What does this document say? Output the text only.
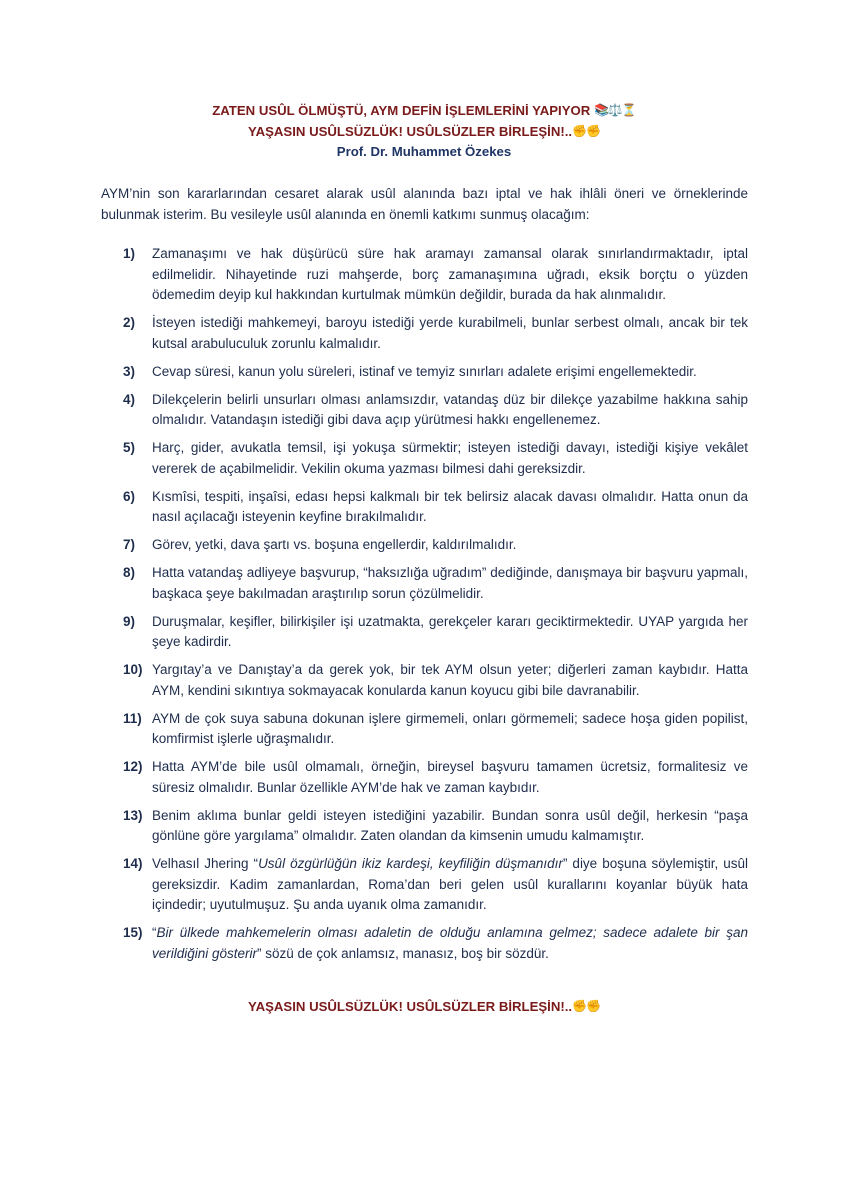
ZATEN USÛL ÖLMÜŞTÜ, AYM DEFİN İŞLEMLERİNİ YAPIYOR 📚⚖️⏳
YAŞASIN USÛLSÜZLÜK! USÛLSÜZLER BİRLEŞİN!..✊✊
Prof. Dr. Muhammet Özekes
AYM’nin son kararlarından cesaret alarak usûl alanında bazı iptal ve hak ihlâli öneri ve örneklerinde bulunmak isterim. Bu vesileyle usûl alanında en önemli katkımı sunmuş olacağım:
1) Zamanaşımı ve hak düşürücü süre hak aramayı zamansal olarak sınırlandırmaktadır, iptal edilmelidir. Nihayetinde ruzi mahşerde, borç zamanaşımına uğradı, eksik borçtu o yüzden ödemedim deyip kul hakkından kurtulmak mümkün değildir, burada da hak alınmalıdır.
2) İsteyen istediği mahkemeyi, baroyu istediği yerde kurabilmeli, bunlar serbest olmalı, ancak bir tek kutsal arabuluculuk zorunlu kalmalıdır.
3) Cevap süresi, kanun yolu süreleri, istinaf ve temyiz sınırları adalete erişimi engellemektedir.
4) Dilekçelerin belirli unsurları olması anlamsızdır, vatandaş düz bir dilekçe yazabilme hakkına sahip olmalıdır. Vatandaşın istediği gibi dava açıp yürütmesi hakkı engellenemez.
5) Harç, gider, avukatla temsil, işi yokuşa sürmektir; isteyen istediği davayı, istediği kişiye vekâlet vererek de açabilmelidir. Vekilin okuma yazması bilmesi dahi gereksizdir.
6) Kısmîsi, tespiti, inşaîsi, edası hepsi kalkmalı bir tek belirsiz alacak davası olmalıdır. Hatta onun da nasıl açılacağı isteyenin keyfine bırakılmalıdır.
7) Görev, yetki, dava şartı vs. boşuna engellerdir, kaldırılmalıdır.
8) Hatta vatandaş adliyeye başvurup, “haksızlığa uğradım” dediğinde, danışmaya bir başvuru yapmalı, başkaca şeye bakılmadan araştırılıp sorun çözülmelidir.
9) Duruşmalar, keşifler, bilirkişiler işi uzatmakta, gerekçeler kararı geciktirmektedir. UYAP yargıda her şeye kadirdir.
10) Yargıtay’a ve Danıştay’a da gerek yok, bir tek AYM olsun yeter; diğerleri zaman kaybıdır. Hatta AYM, kendini sıkıntıya sokmayacak konularda kanun koyucu gibi bile davranabilir.
11) AYM de çok suya sabuna dokunan işlere girmemeli, onları görmemeli; sadece hoşa giden popilist, komfirmist işlerle uğraşmalıdır.
12) Hatta AYM’de bile usûl olmamalı, örneğin, bireysel başvuru tamamen ücretsiz, formalitesiz ve süresiz olmalıdır. Bunlar özellikle AYM’de hak ve zaman kaybıdır.
13) Benim aklıma bunlar geldi isteyen istediğini yazabilir. Bundan sonra usûl değil, herkesin “paşa gönlüne göre yargılama” olmalıdır. Zaten olandan da kimsenin umudu kalmamıştır.
14) Velhasıl Jhering “Usûl özgürlüğün ikiz kardeşi, keyfiliğin düşmanıdır” diye boşuna söylemiştir, usûl gereksizdir. Kadim zamanlardan, Roma’dan beri gelen usûl kurallarını koyanlar büyük hata içindedir; uyutulmuşuz. Şu anda uyanık olma zamanıdır.
15) “Bir ülkede mahkemelerin olması adaletin de olduğu anlamına gelmez; sadece adalete bir şan verildiğini gösterir” sözü de çok anlamsız, manasız, boş bir sözdür.
YAŞASIN USÛLSÜZLÜK! USÛLSÜZLER BİRLEŞİN!..✊✊
